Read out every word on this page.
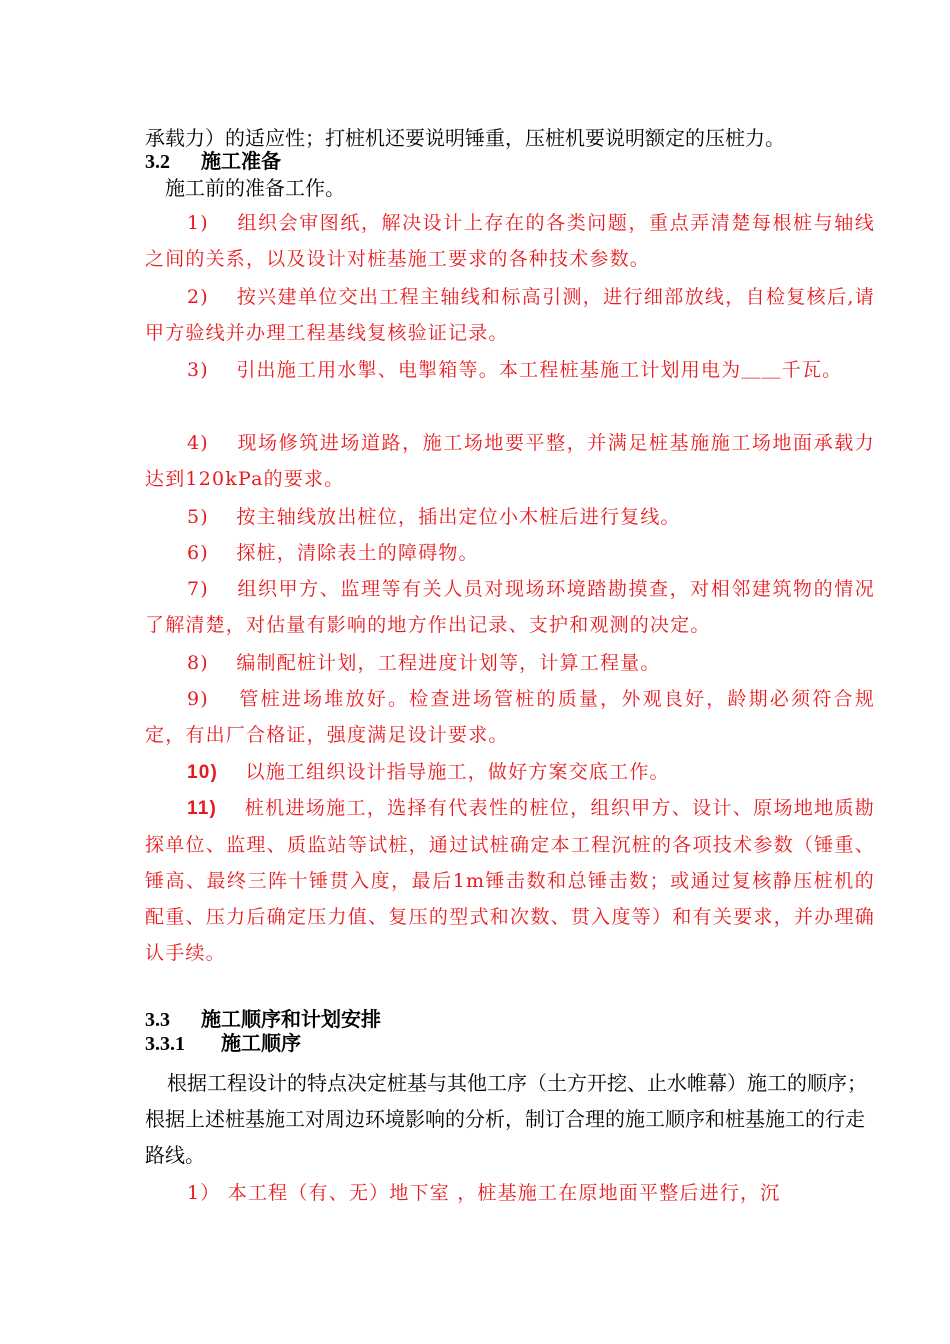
承载力）的适应性；打桩机还要说明锤重，压桩机要说明额定的压桩力。

3.2 施工准备

施工前的准备工作。

1)　 组织会审图纸，解决设计上存在的各类问题，重点弄清楚每根桩与轴线之间的关系，以及设计对桩基施工要求的各种技术参数。

2)　 按兴建单位交出工程主轴线和标高引测，进行细部放线，自检复核后,请甲方验线并办理工程基线复核验证记录。

3)　 引出施工用水掣、电掣箱等。本工程桩基施工计划用电为＿＿千瓦。

4)　 现场修筑进场道路，施工场地要平整，并满足桩基施施工场地面承载力达到120kPa的要求。

5)　 按主轴线放出桩位，插出定位小木桩后进行复线。

6)　 探桩，清除表土的障碍物。

7)　 组织甲方、监理等有关人员对现场环境踏勘摸查，对相邻建筑物的情况了解清楚，对估量有影响的地方作出记录、支护和观测的决定。

8)　 编制配桩计划，工程进度计划等，计算工程量。

9)　 管桩进场堆放好。检查进场管桩的质量，外观良好，龄期必须符合规定，有出厂合格证，强度满足设计要求。

10)　 以施工组织设计指导施工，做好方案交底工作。

11)　 桩机进场施工，选择有代表性的桩位，组织甲方、设计、原场地地质勘探单位、监理、质监站等试桩，通过试桩确定本工程沉桩的各项技术参数（锤重、锤高、最终三阵十锤贯入度，最后1m锤击数和总锤击数；或通过复核静压桩机的配重、压力后确定压力值、复压的型式和次数、贯入度等）和有关要求，并办理确认手续。

3.3 施工顺序和计划安排
3.3.1 施工顺序

根据工程设计的特点决定桩基与其他工序（土方开挖、止水帷幕）施工的顺序；根据上述桩基施工对周边环境影响的分析，制订合理的施工顺序和桩基施工的行走路线。

1） 本工程（有、无）地下室 ，桩基施工在原地面平整后进行，沉
